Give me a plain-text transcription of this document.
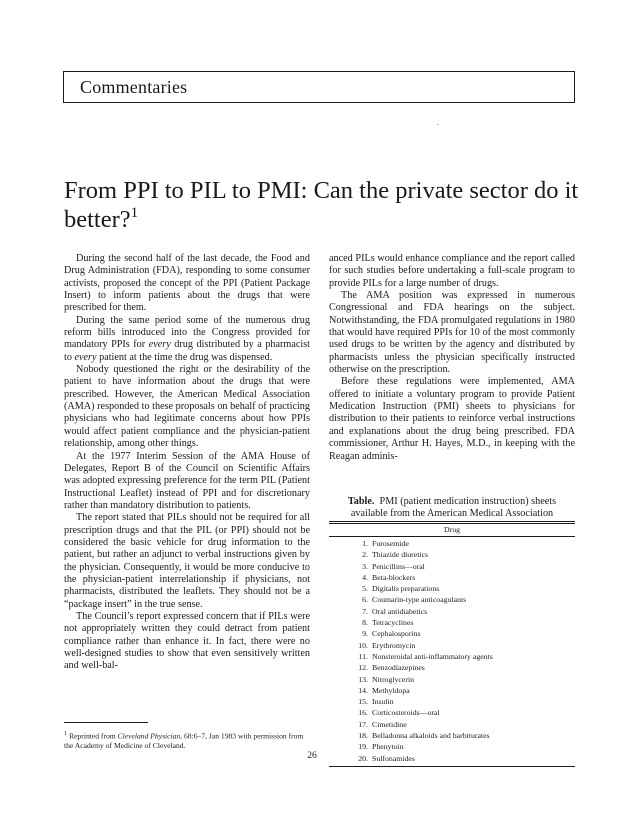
Commentaries
From PPI to PIL to PMI: Can the private sector do it better?$^1$

During the second half of the last decade, the Food and Drug Administration (FDA), responding to some consumer activists, proposed the concept of the PPI (Patient Package Insert) to inform patients about the drugs that were prescribed for them.

During the same period some of the numerous drug reform bills introduced into the Congress provided for mandatory PPIs for every drug distributed by a pharmacist to every patient at the time the drug was dispensed.

Nobody questioned the right or the desirability of the patient to have information about the drugs that were prescribed. However, the American Medical Association (AMA) responded to these proposals on behalf of practicing physicians who had legitimate concerns about how PPIs would affect patient compliance and the physician-patient relationship, among other things.

At the 1977 Interim Session of the AMA House of Delegates, Report B of the Council on Scientific Affairs was adopted expressing preference for the term PIL (Patient Instructional Leaflet) instead of PPI and for discretionary rather than mandatory distribution to patients.

The report stated that PILs should not be required for all prescription drugs and that the PIL (or PPI) should not be considered the basic vehicle for drug information to the patient, but rather an adjunct to verbal instructions given by the physician. Consequently, it would be more conducive to the physician-patient interrelationship if physicians, not pharmacists, distributed the leaflets. They should not be a “package insert” in the true sense.

The Council’s report expressed concern that if PILs were not appropriately written they could detract from patient compliance rather than enhance it. In fact, there were no well-designed studies to show that even sensitively written and well-bal-

$^1$ Reprinted from Cleveland Physician, 68:6–7, Jan 1983 with permission from the Academy of Medicine of Cleveland.

anced PILs would enhance compliance and the report called for such studies before undertaking a full-scale program to provide PILs for a large number of drugs.

The AMA position was expressed in numerous Congressional and FDA hearings on the subject. Notwithstanding, the FDA promulgated regulations in 1980 that would have required PPIs for 10 of the most commonly used drugs to be written by the agency and distributed by pharmacists unless the physician specifically instructed otherwise on the prescription.

Before these regulations were implemented, AMA offered to initiate a voluntary program to provide Patient Medication Instruction (PMI) sheets to physicians for distribution to their patients to reinforce verbal instructions and explanations about the drug being prescribed. FDA commissioner, Arthur H. Hayes, M.D., in keeping with the Reagan adminis-

Table. PMI (patient medication instruction) sheets available from the American Medical Association
Drug
1. Furosemide
2. Thiazide diuretics
3. Penicillins—oral
4. Beta-blockers
5. Digitalis preparations
6. Coumarin-type anticoagulants
7. Oral antidiabetics
8. Tetracyclines
9. Cephalosporins
10. Erythromycin
11. Nonsteroidal anti-inflammatory agents
12. Benzodiazepines
13. Nitroglycerin
14. Methyldopa
15. Insulin
16. Corticosteroids—oral
17. Cimetidine
18. Belladonna alkaloids and barbiturates
19. Phenytoin
20. Sulfonamides
26
